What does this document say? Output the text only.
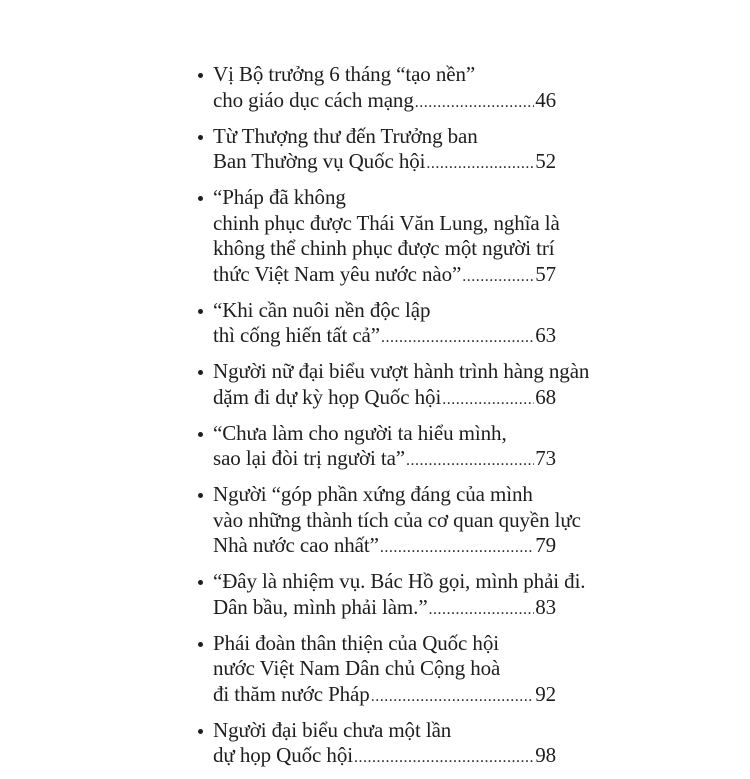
Vị Bộ trưởng 6 tháng “tạo nền”
cho giáo dục cách mạng .....	46
Từ Thượng thư đến Trưởng ban
Ban Thường vụ Quốc hội .....	52
“Pháp đã không
chinh phục được Thái Văn Lung, nghĩa là
không thể chinh phục được một người trí
thức Việt Nam yêu nước nào” .....	57
“Khi cần nuôi nền độc lập
thì cống hiến tất cả” .....	63
Người nữ đại biểu vượt hành trình hàng ngàn
dặm đi dự kỳ họp Quốc hội .....	68
“Chưa làm cho người ta hiểu mình,
sao lại đòi trị người ta” .....	73
Người “góp phần xứng đáng của mình
vào những thành tích của cơ quan quyền lực
Nhà nước cao nhất” .....	79
“Đây là nhiệm vụ. Bác Hồ gọi, mình phải đi.
Dân bầu, mình phải làm.” .....	83
Phái đoàn thân thiện của Quốc hội
nước Việt Nam Dân chủ Cộng hoà
đi thăm nước Pháp .....	92
Người đại biểu chưa một lần
dự họp Quốc hội .....	98
